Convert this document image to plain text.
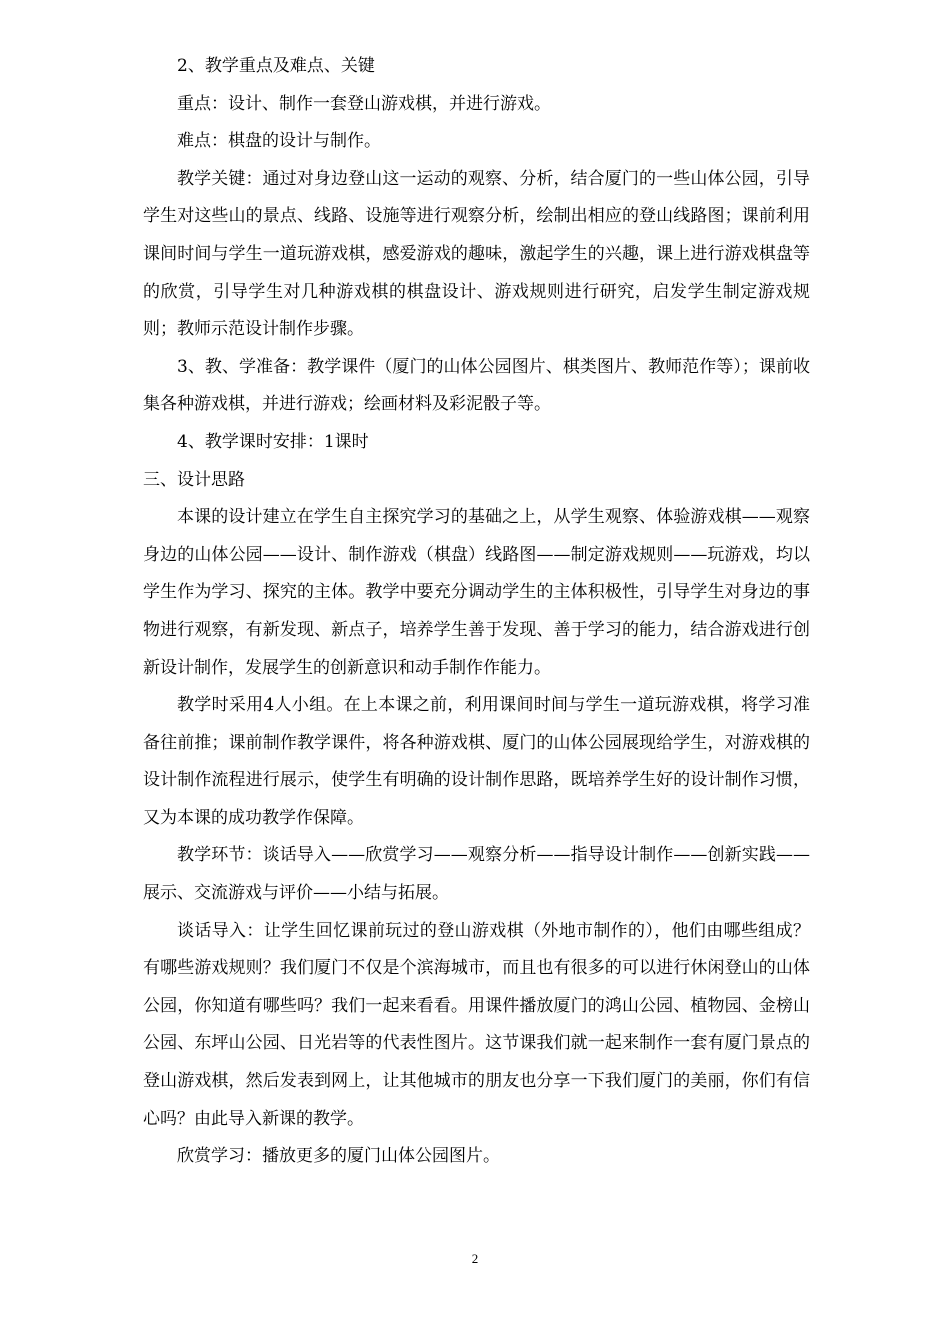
2、教学重点及难点、关键

重点：设计、制作一套登山游戏棋，并进行游戏。

难点：棋盘的设计与制作。

教学关键：通过对身边登山这一运动的观察、分析，结合厦门的一些山体公园，引导学生对这些山的景点、线路、设施等进行观察分析，绘制出相应的登山线路图；课前利用课间时间与学生一道玩游戏棋，感爱游戏的趣味，激起学生的兴趣，课上进行游戏棋盘等的欣赏，引导学生对几种游戏棋的棋盘设计、游戏规则进行研究，启发学生制定游戏规则；教师示范设计制作步骤。

3、教、学准备：教学课件（厦门的山体公园图片、棋类图片、教师范作等）；课前收集各种游戏棋，并进行游戏；绘画材料及彩泥骰子等。

4、教学课时安排：1课时

三、设计思路

本课的设计建立在学生自主探究学习的基础之上，从学生观察、体验游戏棋——观察身边的山体公园——设计、制作游戏（棋盘）线路图——制定游戏规则——玩游戏，均以学生作为学习、探究的主体。教学中要充分调动学生的主体积极性，引导学生对身边的事物进行观察，有新发现、新点子，培养学生善于发现、善于学习的能力，结合游戏进行创新设计制作，发展学生的创新意识和动手制作作能力。

教学时采用4人小组。在上本课之前，利用课间时间与学生一道玩游戏棋，将学习准备往前推；课前制作教学课件，将各种游戏棋、厦门的山体公园展现给学生，对游戏棋的设计制作流程进行展示，使学生有明确的设计制作思路，既培养学生好的设计制作习惯，又为本课的成功教学作保障。

教学环节：谈话导入——欣赏学习——观察分析——指导设计制作——创新实践——展示、交流游戏与评价——小结与拓展。

谈话导入：让学生回忆课前玩过的登山游戏棋（外地市制作的），他们由哪些组成？有哪些游戏规则？我们厦门不仅是个滨海城市，而且也有很多的可以进行休闲登山的山体公园，你知道有哪些吗？我们一起来看看。用课件播放厦门的鸿山公园、植物园、金榜山公园、东坪山公园、日光岩等的代表性图片。这节课我们就一起来制作一套有厦门景点的登山游戏棋，然后发表到网上，让其他城市的朋友也分享一下我们厦门的美丽，你们有信心吗？由此导入新课的教学。

欣赏学习：播放更多的厦门山体公园图片。

2
